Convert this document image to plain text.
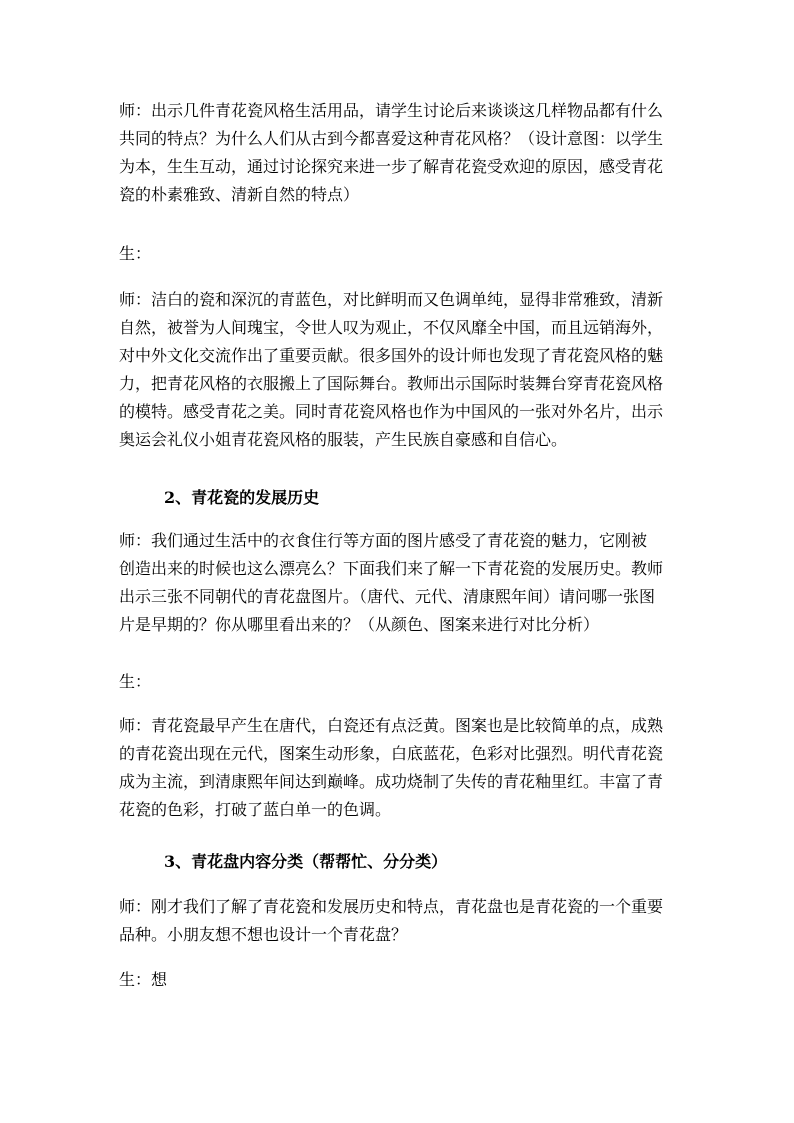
师：出示几件青花瓷风格生活用品，请学生讨论后来谈谈这几样物品都有什么
共同的特点？为什么人们从古到今都喜爱这种青花风格？（设计意图：以学生
为本，生生互动，通过讨论探究来进一步了解青花瓷受欢迎的原因，感受青花
瓷的朴素雅致、清新自然的特点）
生：
师：洁白的瓷和深沉的青蓝色，对比鲜明而又色调单纯，显得非常雅致，清新
自然，被誉为人间瑰宝，令世人叹为观止，不仅风靡全中国，而且远销海外，
对中外文化交流作出了重要贡献。很多国外的设计师也发现了青花瓷风格的魅
力，把青花风格的衣服搬上了国际舞台。教师出示国际时装舞台穿青花瓷风格
的模特。感受青花之美。同时青花瓷风格也作为中国风的一张对外名片，出示
奥运会礼仪小姐青花瓷风格的服装，产生民族自豪感和自信心。
2、青花瓷的发展历史
师：我们通过生活中的衣食住行等方面的图片感受了青花瓷的魅力，它刚被
创造出来的时候也这么漂亮么？下面我们来了解一下青花瓷的发展历史。教师
出示三张不同朝代的青花盘图片。（唐代、元代、清康熙年间）请问哪一张图
片是早期的？你从哪里看出来的？（从颜色、图案来进行对比分析）
生：
师：青花瓷最早产生在唐代，白瓷还有点泛黄。图案也是比较简单的点，成熟
的青花瓷出现在元代，图案生动形象，白底蓝花，色彩对比强烈。明代青花瓷
成为主流，到清康熙年间达到巅峰。成功烧制了失传的青花釉里红。丰富了青
花瓷的色彩，打破了蓝白单一的色调。
3、青花盘内容分类（帮帮忙、分分类）
师：刚才我们了解了青花瓷和发展历史和特点，青花盘也是青花瓷的一个重要
品种。小朋友想不想也设计一个青花盘？
生：想
